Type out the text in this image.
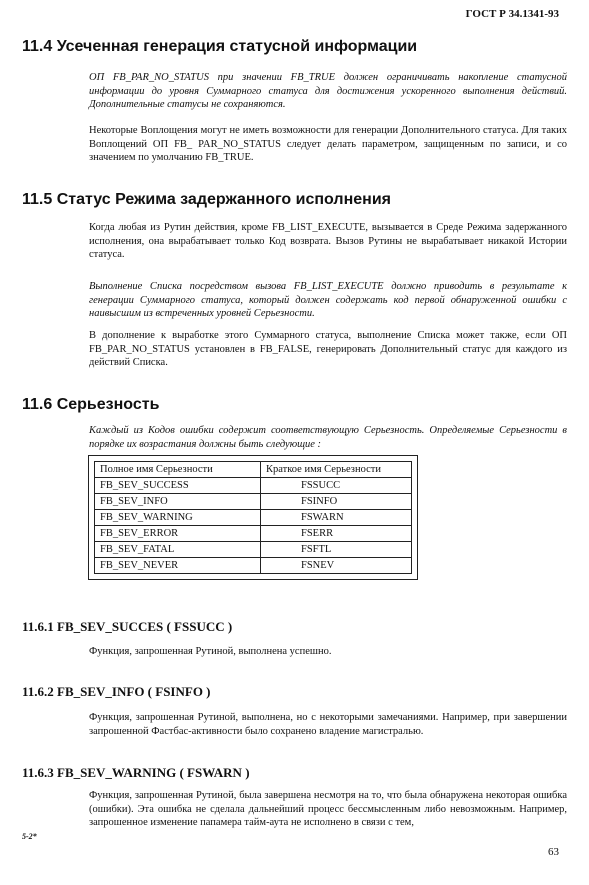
ГОСТ Р 34.1341-93
11.4 Усеченная генерация статусной информации

ОП FB_PAR_NO_STATUS при значении FB_TRUE должен ограничивать накопление статусной информации до уровня Суммарного статуса для достижения ускоренного выполнения действий. Дополнительные статусы не сохраняются.

Некоторые Воплощения могут не иметь возможности для генерации Дополнительного статуса. Для таких Воплощений ОП FB_ PAR_NO_STATUS следует делать параметром, защищенным по записи, и со значением по умолчанию FB_TRUE.

11.5 Статус Режима задержанного исполнения

Когда любая из Рутин действия, кроме FB_LIST_EXECUTE, вызывается в Среде Режима задержанного исполнения, она вырабатывает только Код возврата. Вызов Рутины не вырабатывает никакой Истории статуса.

Выполнение Списка посредством вызова FB_LIST_EXECUTE должно приводить в результате к генерации Суммарного статуса, который должен содержать код первой обнаруженной ошибки с наивысшим из встреченных уровней Серьезности.

В дополнение к выработке этого Суммарного статуса, выполнение Списка может также, если ОП FB_PAR_NO_STATUS установлен в FB_FALSE, генерировать Дополнительный статус для каждого из действий Списка.

11.6 Серьезность

Каждый из Кодов ошибки содержит соответствующую Серьезность. Определяемые Серьезности в порядке их возрастания должны быть следующие :

Полное имя Серьезности	Краткое имя Серьезности
FB_SEV_SUCCESS	FSSUCC
FB_SEV_INFO	FSINFO
FB_SEV_WARNING	FSWARN
FB_SEV_ERROR	FSERR
FB_SEV_FATAL	FSFTL
FB_SEV_NEVER	FSNEV
11.6.1 FB_SEV_SUCCES ( FSSUCC )

Функция, запрошенная Рутиной, выполнена успешно.

11.6.2 FB_SEV_INFO ( FSINFO )

Функция, запрошенная Рутиной, выполнена, но с некоторыми замечаниями. Например, при завершении запрошенной Фастбас-активности было сохранено владение магистралью.

11.6.3 FB_SEV_WARNING ( FSWARN )

Функция, запрошенная Рутиной, была завершена несмотря на то, что была обнаружена некоторая ошибка (ошибки). Эта ошибка не сделала дальнейший процесс бессмысленным либо невозможным. Например, запрошенное изменение папамера тайм-аута не исполнено в связи с тем,

5-2*
63
